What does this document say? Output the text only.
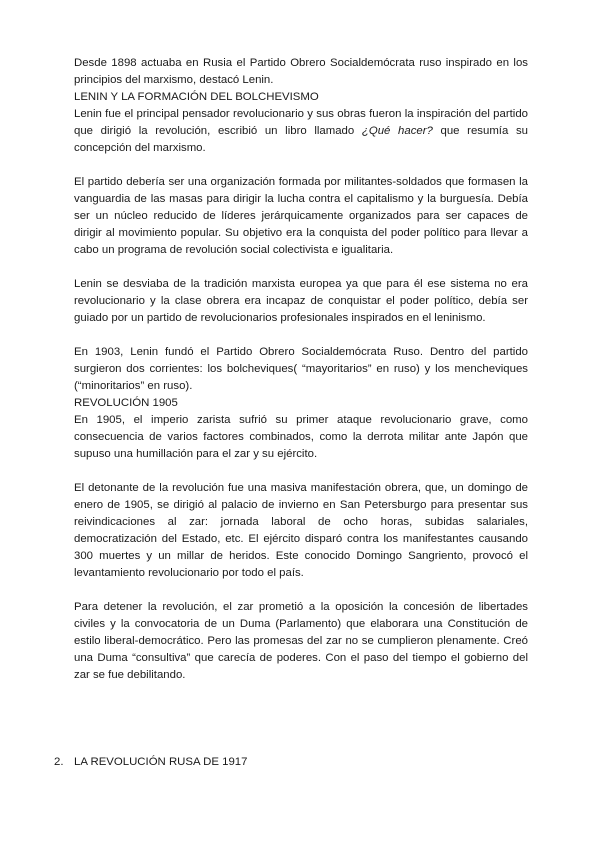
Desde 1898 actuaba en Rusia el Partido Obrero Socialdemócrata ruso inspirado en los principios del marxismo, destacó Lenin.

LENIN Y LA FORMACIÓN DEL BOLCHEVISMO

Lenin fue el principal pensador revolucionario y sus obras fueron la inspiración del partido que dirigió la revolución, escribió un libro llamado ¿Qué hacer? que resumía su concepción del marxismo.

El partido debería ser una organización formada por militantes-soldados que formasen la vanguardia de las masas para dirigir la lucha contra el capitalismo y la burguesía. Debía ser un núcleo reducido de líderes jerárquicamente organizados para ser capaces de dirigir al movimiento popular. Su objetivo era la conquista del poder político para llevar a cabo un programa de revolución social colectivista e igualitaria.

Lenin se desviaba de la tradición marxista europea ya que para él ese sistema no era revolucionario y la clase obrera era incapaz de conquistar el poder político, debía ser guiado por un partido de revolucionarios profesionales inspirados en el leninismo.

En 1903, Lenin fundó el Partido Obrero Socialdemócrata Ruso. Dentro del partido surgieron dos corrientes: los bolcheviques( “mayoritarios” en ruso) y los mencheviques (“minoritarios” en ruso).

REVOLUCIÓN 1905

En 1905, el imperio zarista sufrió su primer ataque revolucionario grave, como consecuencia de varios factores combinados, como la derrota militar ante Japón que supuso una humillación para el zar y su ejército.

El detonante de la revolución fue una masiva manifestación obrera, que, un domingo de enero de 1905, se dirigió al palacio de invierno en San Petersburgo para presentar sus reivindicaciones al zar: jornada laboral de ocho horas, subidas salariales, democratización del Estado, etc. El ejército disparó contra los manifestantes causando 300 muertes y un millar de heridos. Este conocido Domingo Sangriento, provocó el levantamiento revolucionario por todo el país.

Para detener la revolución, el zar prometió a la oposición la concesión de libertades civiles y la convocatoria de un Duma (Parlamento) que elaborara una Constitución de estilo liberal-democrático. Pero las promesas del zar no se cumplieron plenamente. Creó una Duma “consultiva” que carecía de poderes. Con el paso del tiempo el gobierno del zar se fue debilitando.

2. LA REVOLUCIÓN RUSA DE 1917
